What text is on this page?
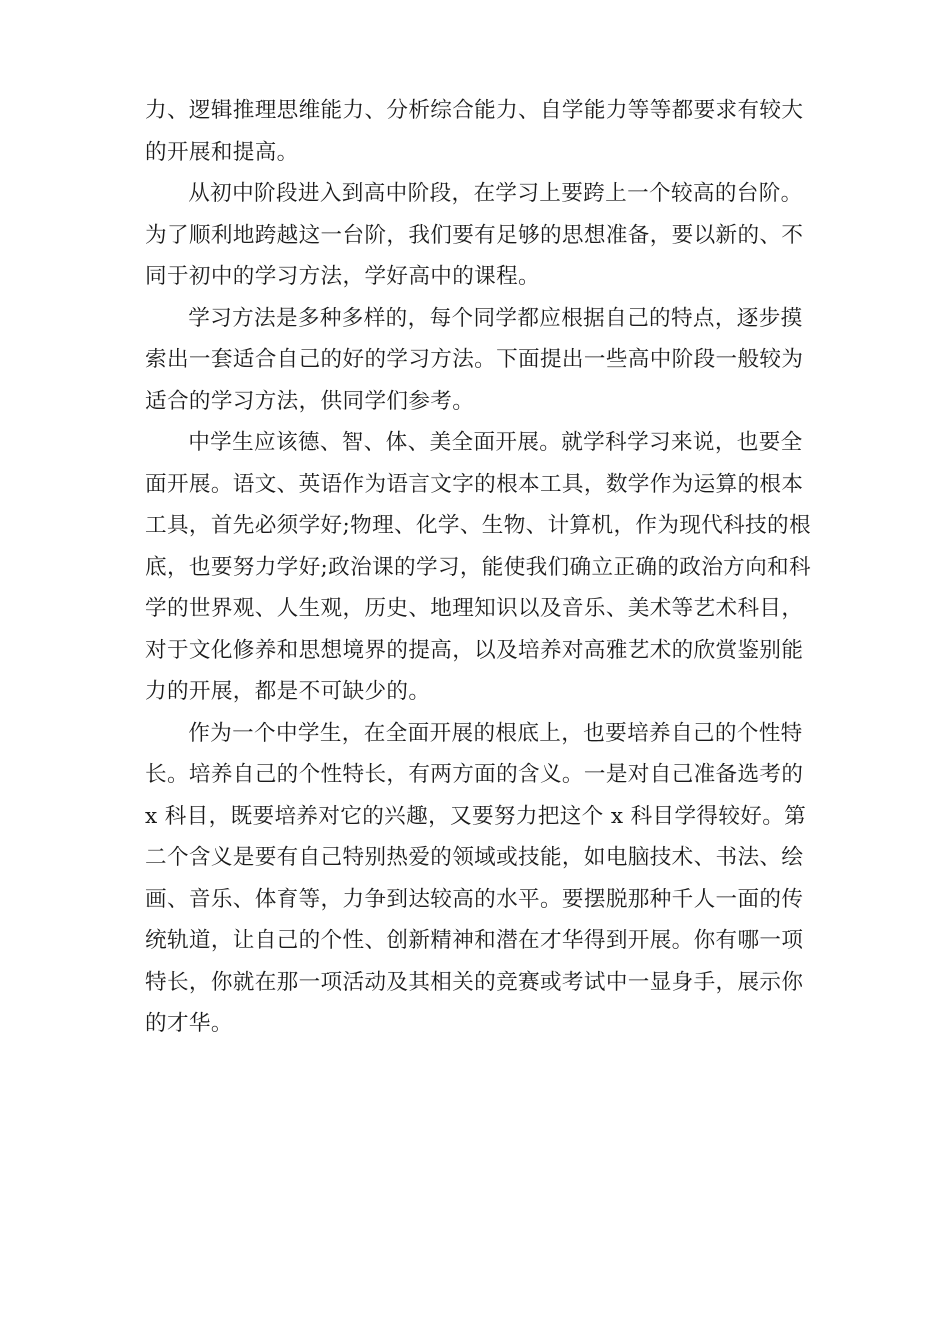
力、逻辑推理思维能力、分析综合能力、自学能力等等都要求有较大的开展和提高。

从初中阶段进入到高中阶段，在学习上要跨上一个较高的台阶。为了顺利地跨越这一台阶，我们要有足够的思想准备，要以新的、不同于初中的学习方法，学好高中的课程。

学习方法是多种多样的，每个同学都应根据自己的特点，逐步摸索出一套适合自己的好的学习方法。下面提出一些高中阶段一般较为适合的学习方法，供同学们参考。

中学生应该德、智、体、美全面开展。就学科学习来说，也要全面开展。语文、英语作为语言文字的根本工具，数学作为运算的根本工具，首先必须学好;物理、化学、生物、计算机，作为现代科技的根底，也要努力学好;政治课的学习，能使我们确立正确的政治方向和科学的世界观、人生观，历史、地理知识以及音乐、美术等艺术科目，对于文化修养和思想境界的提高，以及培养对高雅艺术的欣赏鉴别能力的开展，都是不可缺少的。

作为一个中学生，在全面开展的根底上，也要培养自己的个性特长。培养自己的个性特长，有两方面的含义。一是对自己准备选考的 x 科目，既要培养对它的兴趣，又要努力把这个 x 科目学得较好。第二个含义是要有自己特别热爱的领域或技能，如电脑技术、书法、绘画、音乐、体育等，力争到达较高的水平。要摆脱那种千人一面的传统轨道，让自己的个性、创新精神和潜在才华得到开展。你有哪一项特长，你就在那一项活动及其相关的竞赛或考试中一显身手，展示你的才华。
